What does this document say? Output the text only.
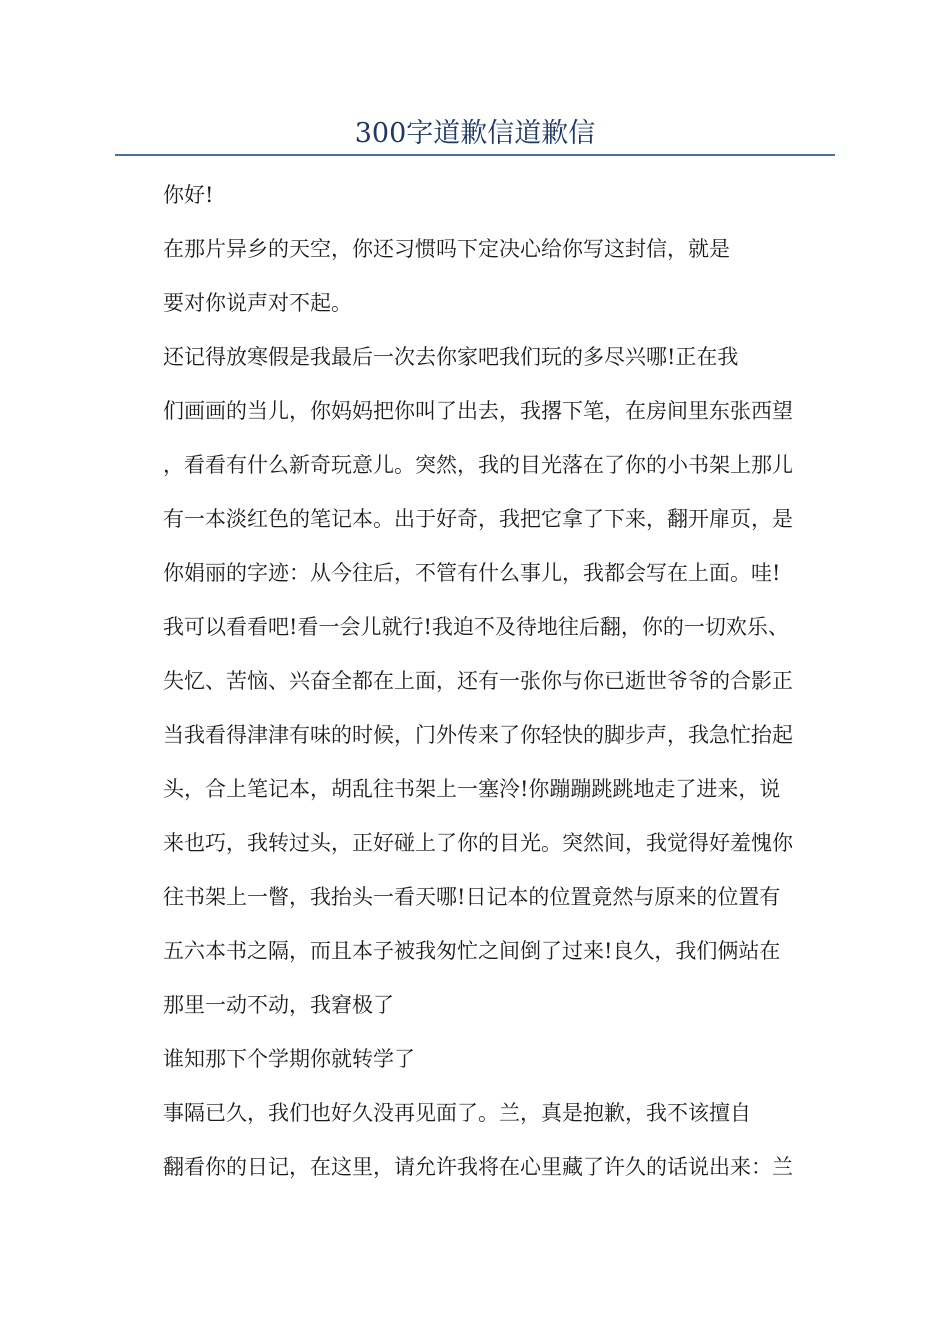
300字道歉信道歉信
你好!
在那片异乡的天空，你还习惯吗下定决心给你写这封信，就是
要对你说声对不起。
还记得放寒假是我最后一次去你家吧我们玩的多尽兴哪!正在我
们画画的当儿，你妈妈把你叫了出去，我撂下笔，在房间里东张西望
，看看有什么新奇玩意儿。突然，我的目光落在了你的小书架上那儿
有一本淡红色的笔记本。出于好奇，我把它拿了下来，翻开扉页，是
你娟丽的字迹：从今往后，不管有什么事儿，我都会写在上面。哇!
我可以看看吧!看一会儿就行!我迫不及待地往后翻，你的一切欢乐、
失忆、苦恼、兴奋全都在上面，还有一张你与你已逝世爷爷的合影正
当我看得津津有味的时候，门外传来了你轻快的脚步声，我急忙抬起
头，合上笔记本，胡乱往书架上一塞泠!你蹦蹦跳跳地走了进来，说
来也巧，我转过头，正好碰上了你的目光。突然间，我觉得好羞愧你
往书架上一瞥，我抬头一看天哪!日记本的位置竟然与原来的位置有
五六本书之隔，而且本子被我匆忙之间倒了过来!良久，我们俩站在
那里一动不动，我窘极了
谁知那下个学期你就转学了
事隔已久，我们也好久没再见面了。兰，真是抱歉，我不该擅自
翻看你的日记，在这里，请允许我将在心里藏了许久的话说出来：兰
